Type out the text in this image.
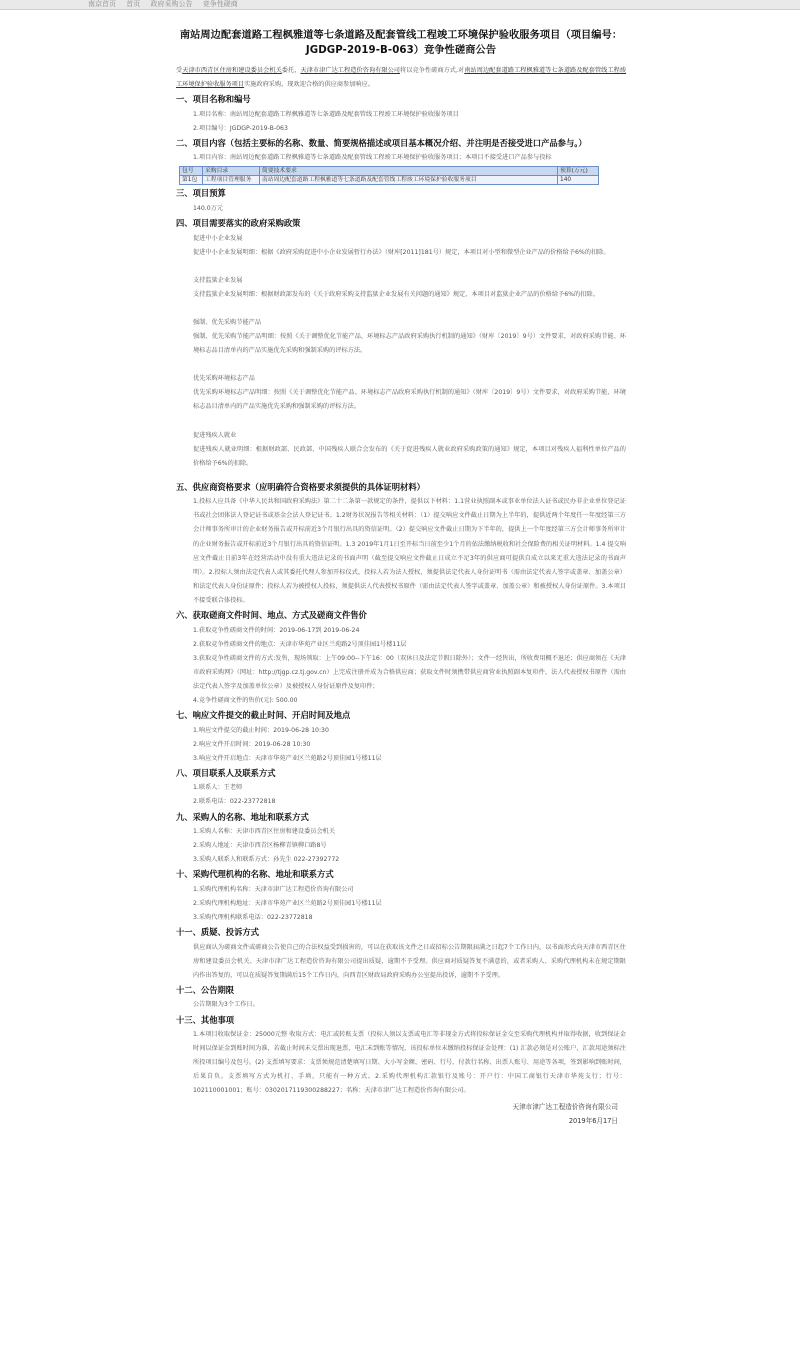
南京首页 首页 政府采购公告 竞争性磋商
南站周边配套道路工程枫雅道等七条道路及配套管线工程竣工环境保护验收服务项目（项目编号：JGDGP-2019-B-063）竞争性磋商公告

受天津市西青区住房和建设委员会机关委托，天津市津广达工程造价咨询有限公司将以竞争性磋商方式,对南站周边配套道路工程枫雅道等七条道路及配套管线工程竣工环境保护验收服务项目实施政府采购，现欢迎合格的供应商参加响应。

一、项目名称和编号

1.项目名称：南站周边配套道路工程枫雅道等七条道路及配套管线工程竣工环境保护验收服务项目

2.项目编号：JGDGP-2019-B-063

二、项目内容（包括主要标的名称、数量、简要规格描述或项目基本概况介绍、并注明是否接受进口产品参与。）

1.项目内容：南站周边配套道路工程枫雅道等七条道路及配套管线工程竣工环境保护验收服务项目；本项目不接受进口产品参与投标

包号	采购目录	简要技术要求	预算(万元)
第1包	工程项目管理服务	南站周边配套道路工程枫雅道等七条道路及配套管线工程竣工环境保护验收服务项目	140
三、项目预算

140.0万元

四、项目需要落实的政府采购政策

促进中小企业发展

促进中小企业发展明细：根据《政府采购促进中小企业发展暂行办法》（财库[2011]181号）规定，本项目对小型和微型企业产品的价格给予6%的扣除。

支持监狱企业发展

支持监狱企业发展明细：根据财政部发布的《关于政府采购支持监狱企业发展有关问题的通知》规定，本项目对监狱企业产品的价格给予6%的扣除。

强制、优先采购节能产品

强制、优先采购节能产品明细：按照《关于调整优化节能产品、环境标志产品政府采购执行机制的通知》（财库〔2019〕9号）文件要求，对政府采购节能、环境标志品目清单内的产品实施优先采购和强制采购的评标方法。

优先采购环境标志产品

优先采购环境标志产品明细：按照《关于调整优化节能产品、环境标志产品政府采购执行机制的通知》（财库〔2019〕9号）文件要求，对政府采购节能、环境标志品目清单内的产品实施优先采购和强制采购的评标方法。

促进残疾人就业

促进残疾人就业明细：根据财政部、民政部、中国残疾人联合会发布的《关于促进残疾人就业政府采购政策的通知》规定，本项目对残疾人福利性单位产品的价格给予6%的扣除。

五、供应商资格要求（应明确符合资格要求须提供的具体证明材料）

1.投标人应具备《中华人民共和国政府采购法》第二十二条第一款规定的条件，提供以下材料：1.1营业执照副本或事业单位法人证书或民办非企业单位登记证书或社会团体法人登记证书或基金会法人登记证书。1.2财务状况报告等相关材料：（1）提交响应文件截止日期为上半年的，提供近两个年度任一年度经第三方会计师事务所审计的企业财务报告或开标前近3个月银行出具的资信证明。（2）提交响应文件截止日期为下半年的，提供上一个年度经第三方会计师事务所审计的企业财务报告或开标前近3个月银行出具的资信证明。1.3 2019年1月1日至开标当日前至少1个月的依法缴纳税收和社会保险费的相关证明材料。1.4 提交响应文件截止日前3年在经营活动中没有重大违法记录的书面声明（截至提交响应文件截止日成立不足3年的供应商可提供自成立以来无重大违法记录的书面声明）。2.投标人须由法定代表人或其委托代理人参加开标仪式，投标人若为法人授权，须提供法定代表人身份证明书（需由法定代表人签字或盖章、加盖公章）和法定代表人身份证原件；投标人若为被授权人投标，须提供法人代表授权书原件（需由法定代表人签字或盖章、加盖公章）和被授权人身份证原件。3.本项目不接受联合体投标。

六、获取磋商文件时间、地点、方式及磋商文件售价

1.获取竞争性磋商文件的时间：2019-06-17到 2019-06-24

2.获取竞争性磋商文件的地点：天津市华苑产业区兰苑路2号顶佳园1号楼11层

3.获取竞争性磋商文件的方式:发售，现场领取：上午09:00--下午16：00（双休日及法定节假日除外）；文件一经售出，所收费用概不退还；供应商须在《天津市政府采购网》（网址：http://tjgp.cz.tj.gov.cn）上完成注册并成为合格供应商；获取文件时须携带供应商营业执照副本复印件、法人代表授权书原件（需由法定代表人签字及加盖单位公章）及被授权人身份证原件及复印件；

4.竞争性磋商文件的售价(元): 500.00

七、响应文件提交的截止时间、开启时间及地点

1.响应文件提交的截止时间：2019-06-28 10:30

2.响应文件开启时间：2019-06-28 10:30

3.响应文件开启地点：天津市华苑产业区兰苑路2号顶佳园1号楼11层

八、项目联系人及联系方式

1.联系人：王老师

2.联系电话：022-23772818

九、采购人的名称、地址和联系方式

1.采购人名称：天津市西青区住房和建设委员会机关

2.采购人地址：天津市西青区杨柳青镇柳口路8号

3.采购人联系人和联系方式：孙先生 022-27392772

十、采购代理机构的名称、地址和联系方式

1.采购代理机构名称：天津市津广达工程造价咨询有限公司

2.采购代理机构地址：天津市华苑产业区兰苑路2号顶佳园1号楼11层

3.采购代理机构联系电话：022-23772818

十一、质疑、投诉方式

供应商认为磋商文件或磋商公告使自己的合法权益受到损害的，可以在获取该文件之日或招标公告期限届满之日起7个工作日内，以书面形式向天津市西青区住房和建设委员会机关、天津市津广达工程造价咨询有限公司提出质疑，逾期不予受理。供应商对质疑答复不满意的，或者采购人、采购代理机构未在规定期限内作出答复的，可以在质疑答复期满后15个工作日内，向西青区财政局政府采购办公室提出投诉，逾期不予受理。

十二、公告期限

公告期限为3个工作日。

十三、其他事项

1.本项目收取保证金：25000元整 收取方式：电汇或转账支票（投标人须以支票或电汇等非现金方式将投标保证金交至采购代理机构并取得收据，收到保证金时间以保证金到账时间为准，若截止时间未交票出现退票，电汇未到账等情况，该投标单位未缴纳投标保证金处理：(1) 汇款必须是对公账户，汇款用途须标注所投项目编号及包号。(2) 支票填写要求：支票须规范清楚填写日期、大小写金额、密码、行号、付款行名称、出票人账号、用途等各项，签到影响到账时间，后果自负。支票填写方式为机打、手填，只能有一种方式。2.采购代理机构汇款银行及账号：开户行：中国工商银行天津市华苑支行；行号：102110001001；账号：0302017119300288227；名称：天津市津广达工程造价咨询有限公司。

天津市津广达工程造价咨询有限公司
2019年6月17日
